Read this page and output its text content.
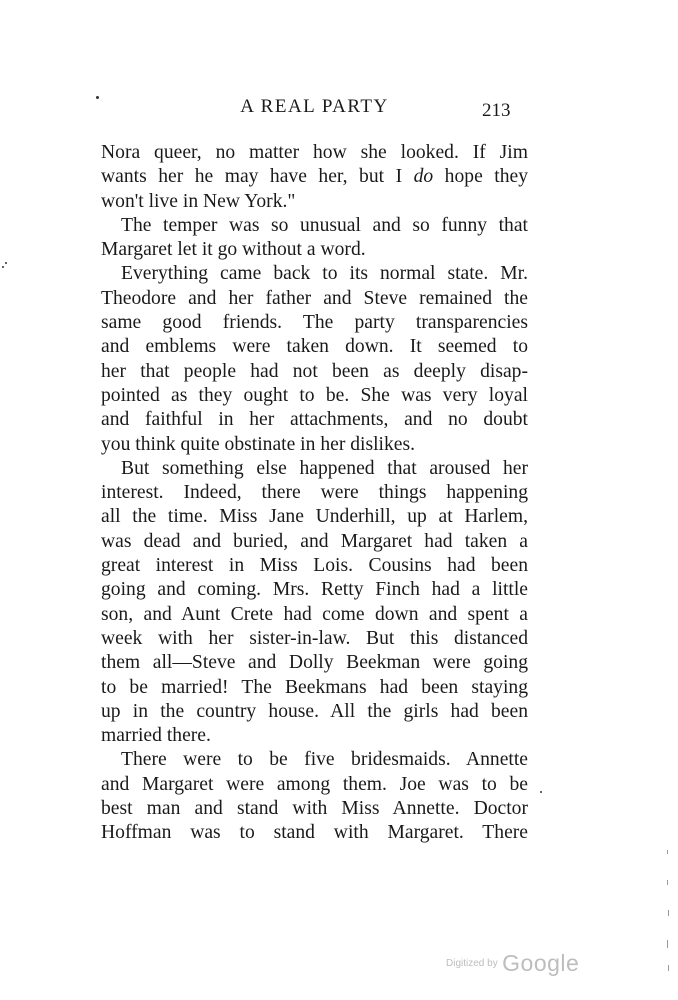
A REAL PARTY	213
Nora queer, no matter how she looked. If Jim
wants her he may have her, but I do hope they
won't live in New York."
The temper was so unusual and so funny that
Margaret let it go without a word.
Everything came back to its normal state. Mr.
Theodore and her father and Steve remained the
same good friends. The party transparencies
and emblems were taken down. It seemed to
her that people had not been as deeply disap-
pointed as they ought to be. She was very loyal
and faithful in her attachments, and no doubt
you think quite obstinate in her dislikes.
But something else happened that aroused her
interest. Indeed, there were things happening
all the time. Miss Jane Underhill, up at Harlem,
was dead and buried, and Margaret had taken a
great interest in Miss Lois. Cousins had been
going and coming. Mrs. Retty Finch had a little
son, and Aunt Crete had come down and spent a
week with her sister-in-law. But this distanced
them all—Steve and Dolly Beekman were going
to be married! The Beekmans had been staying
up in the country house. All the girls had been
married there.
There were to be five bridesmaids. Annette
and Margaret were among them. Joe was to be
best man and stand with Miss Annette. Doctor
Hoffman was to stand with Margaret. There
Digitized by Google
